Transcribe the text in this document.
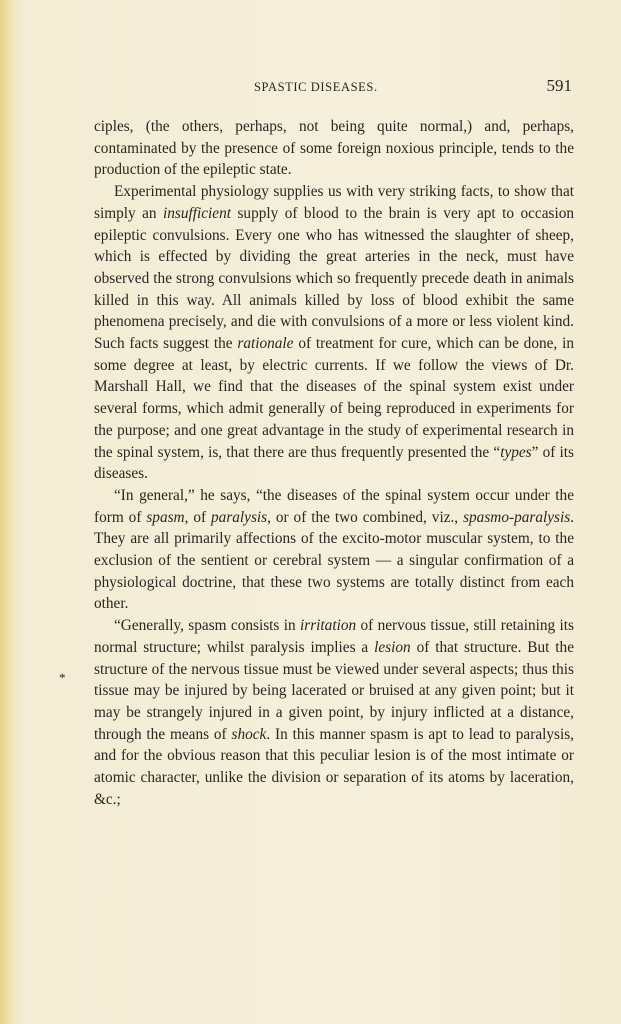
SPASTIC DISEASES.	591
*

ciples, (the others, perhaps, not being quite normal,) and, perhaps, contaminated by the presence of some foreign noxious principle, tends to the production of the epileptic state.

Experimental physiology supplies us with very striking facts, to show that simply an insufficient supply of blood to the brain is very apt to occasion epileptic convulsions. Every one who has witnessed the slaughter of sheep, which is effected by dividing the great arteries in the neck, must have observed the strong convulsions which so frequently precede death in animals killed in this way. All animals killed by loss of blood exhibit the same phenomena precisely, and die with convulsions of a more or less violent kind. Such facts suggest the rationale of treatment for cure, which can be done, in some degree at least, by electric currents. If we follow the views of Dr. Marshall Hall, we find that the diseases of the spinal system exist under several forms, which admit generally of being reproduced in experiments for the purpose; and one great advantage in the study of experimental research in the spinal system, is, that there are thus frequently presented the “types” of its diseases.

“In general,” he says, “the diseases of the spinal system occur under the form of spasm, of paralysis, or of the two combined, viz., spasmo-paralysis. They are all primarily affections of the excito-motor muscular system, to the exclusion of the sentient or cerebral system — a singular confirmation of a physiological doctrine, that these two systems are totally distinct from each other.

“Generally, spasm consists in irritation of nervous tissue, still retaining its normal structure; whilst paralysis implies a lesion of that structure. But the structure of the nervous tissue must be viewed under several aspects; thus this tissue may be injured by being lacerated or bruised at any given point; but it may be strangely injured in a given point, by injury inflicted at a distance, through the means of shock. In this manner spasm is apt to lead to paralysis, and for the obvious reason that this peculiar lesion is of the most intimate or atomic character, unlike the division or separation of its atoms by laceration, &c.;
